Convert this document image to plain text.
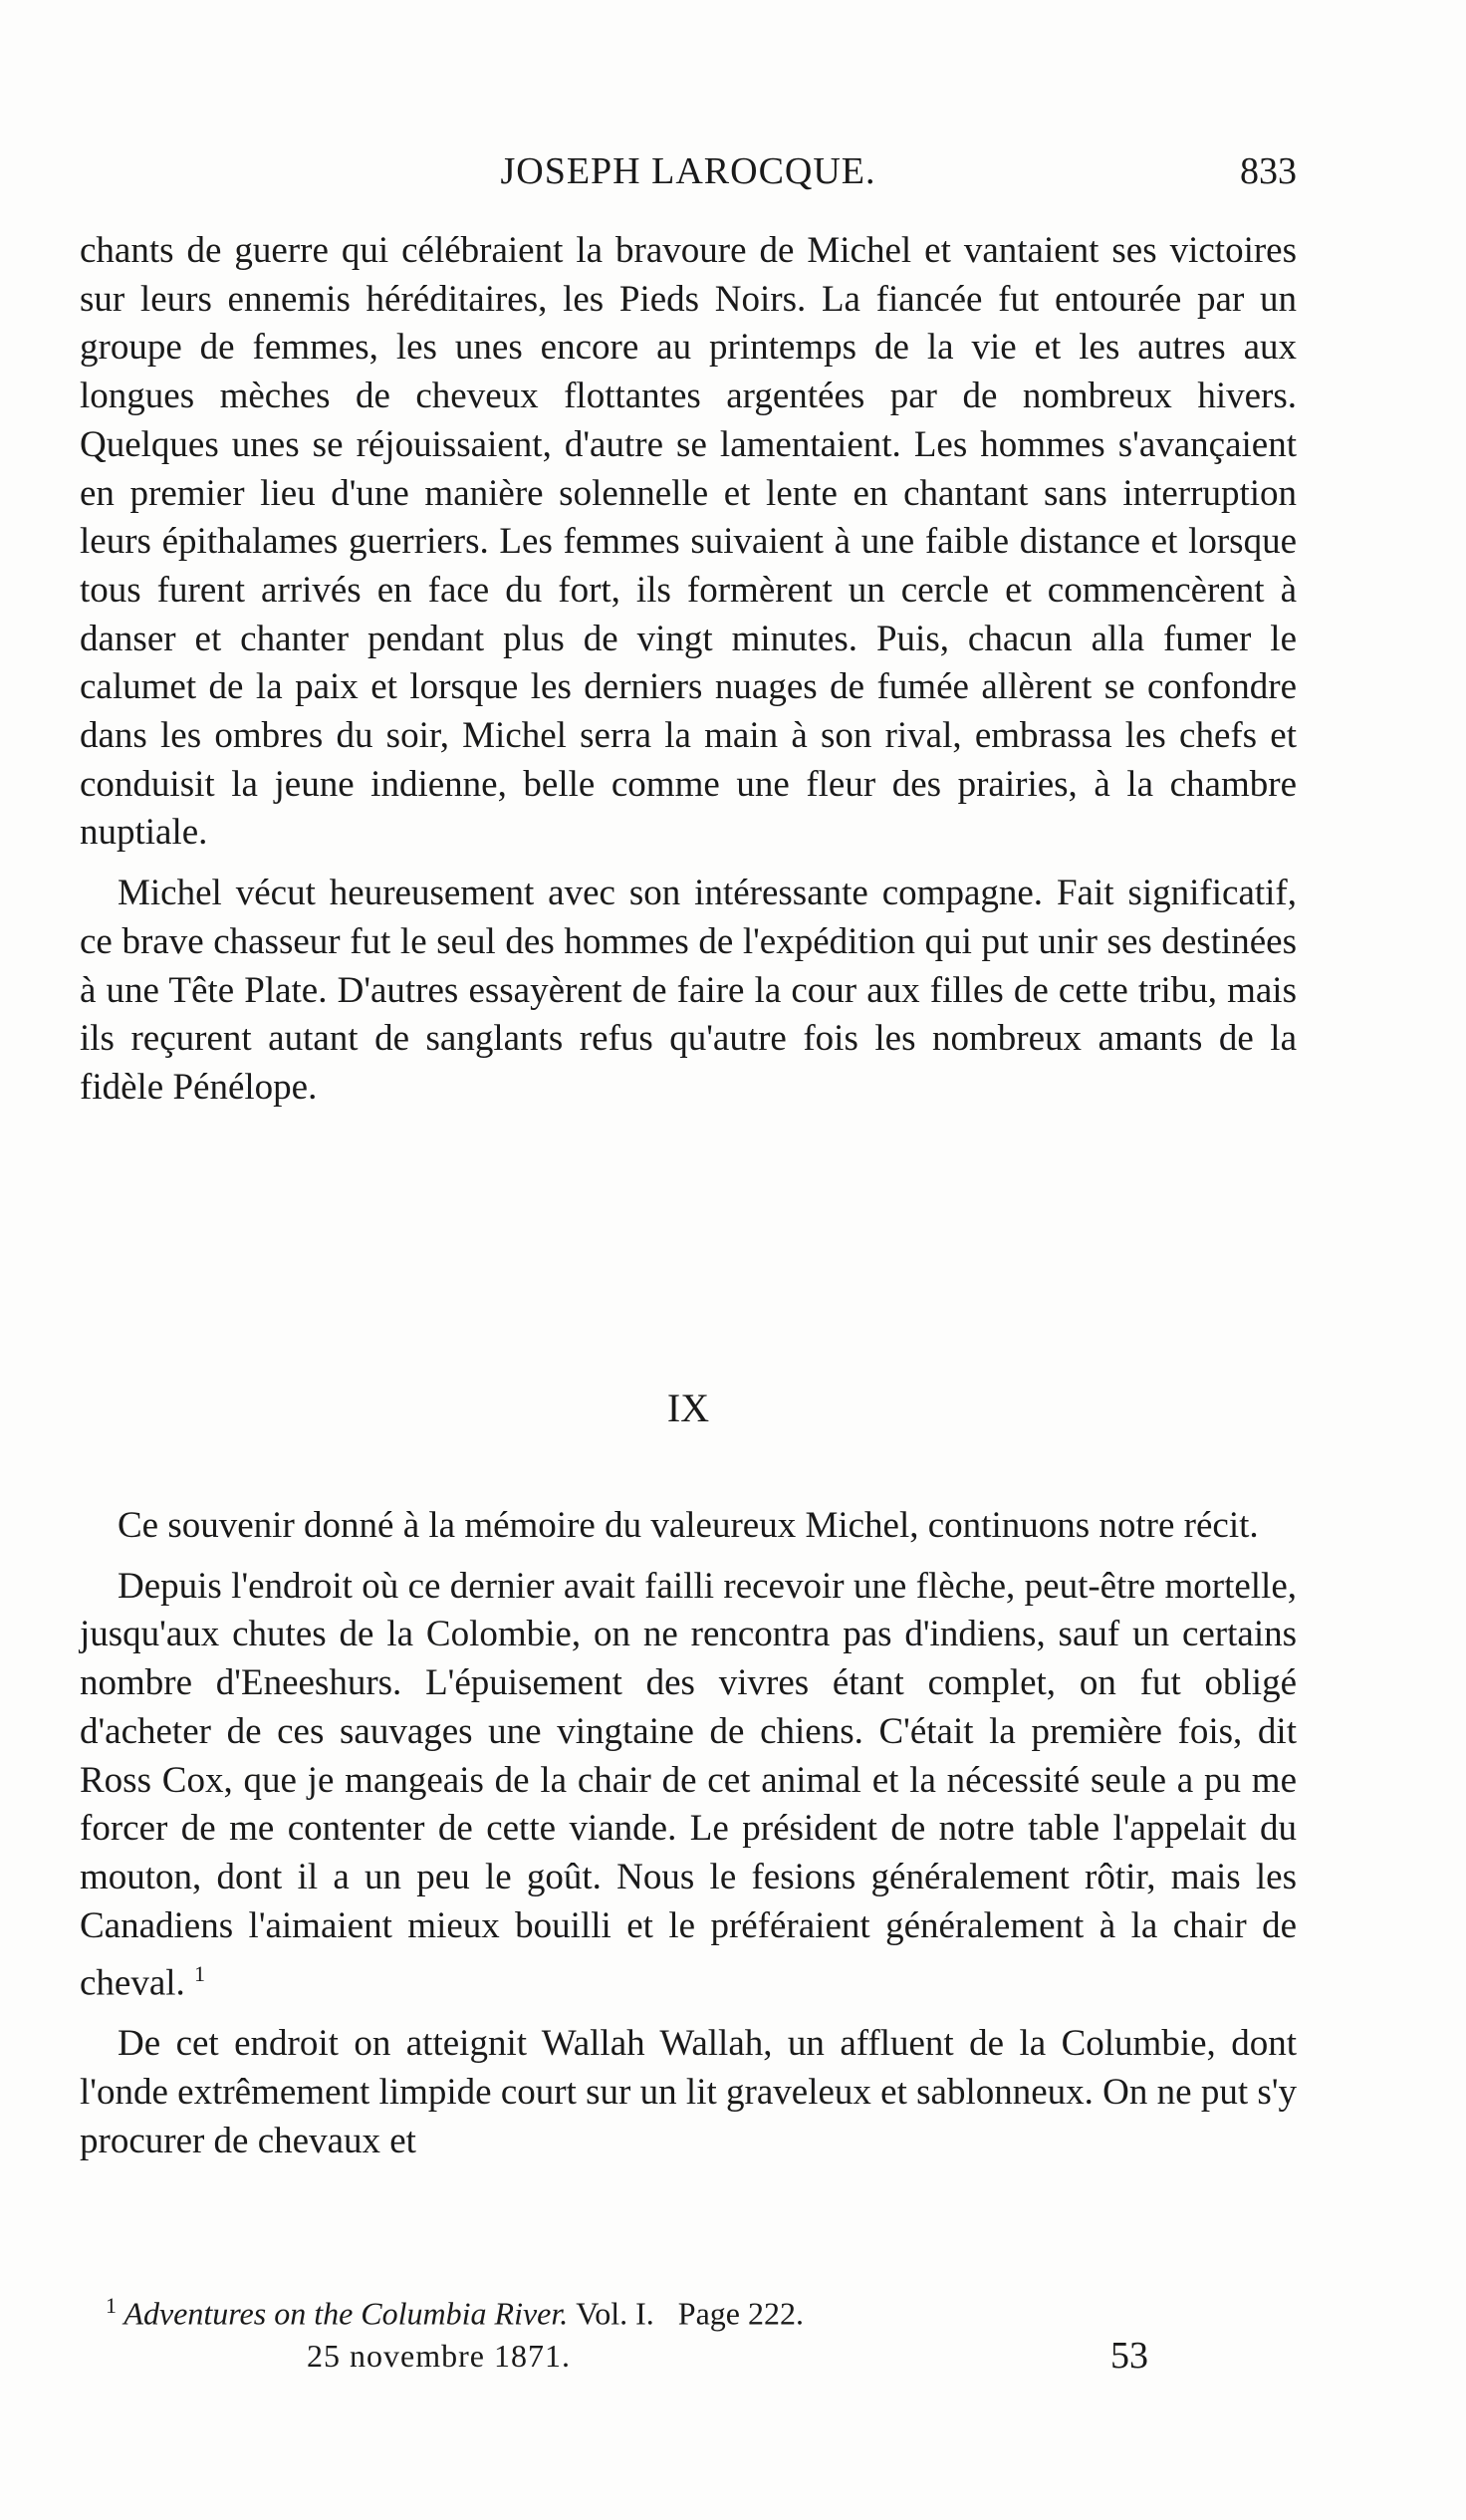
JOSEPH LAROCQUE.	833

chants de guerre qui célébraient la bravoure de Michel et vantaient ses victoires sur leurs ennemis héréditaires, les Pieds Noirs. La fiancée fut entourée par un groupe de femmes, les unes encore au printemps de la vie et les autres aux longues mèches de cheveux flottantes argentées par de nombreux hivers. Quelques unes se réjouissaient, d'autre se lamentaient. Les hommes s'avançaient en premier lieu d'une manière solennelle et lente en chantant sans interruption leurs épithalames guerriers. Les femmes suivaient à une faible distance et lorsque tous furent arrivés en face du fort, ils formèrent un cercle et commencèrent à danser et chanter pendant plus de vingt minutes. Puis, chacun alla fumer le calumet de la paix et lorsque les derniers nuages de fumée allèrent se confondre dans les ombres du soir, Michel serra la main à son rival, embrassa les chefs et conduisit la jeune indienne, belle comme une fleur des prairies, à la chambre nuptiale.

Michel vécut heureusement avec son intéressante compagne. Fait significatif, ce brave chasseur fut le seul des hommes de l'expédition qui put unir ses destinées à une Tête Plate. D'autres essayèrent de faire la cour aux filles de cette tribu, mais ils reçurent autant de sanglants refus qu'autre fois les nombreux amants de la fidèle Pénélope.

IX

Ce souvenir donné à la mémoire du valeureux Michel, continuons notre récit.

Depuis l'endroit où ce dernier avait failli recevoir une flèche, peut-être mortelle, jusqu'aux chutes de la Colombie, on ne rencontra pas d'indiens, sauf un certains nombre d'Eneeshurs. L'épuisement des vivres étant complet, on fut obligé d'acheter de ces sauvages une vingtaine de chiens. C'était la première fois, dit Ross Cox, que je mangeais de la chair de cet animal et la nécessité seule a pu me forcer de me contenter de cette viande. Le président de notre table l'appelait du mouton, dont il a un peu le goût. Nous le fesions généralement rôtir, mais les Canadiens l'aimaient mieux bouilli et le préféraient généralement à la chair de cheval. $^1$

De cet endroit on atteignit Wallah Wallah, un affluent de la Columbie, dont l'onde extrêmement limpide court sur un lit graveleux et sablonneux. On ne put s'y procurer de chevaux et

$^1$ Adventures on the Columbia River. Vol. I. Page 222.
25 novembre 1871.	53
